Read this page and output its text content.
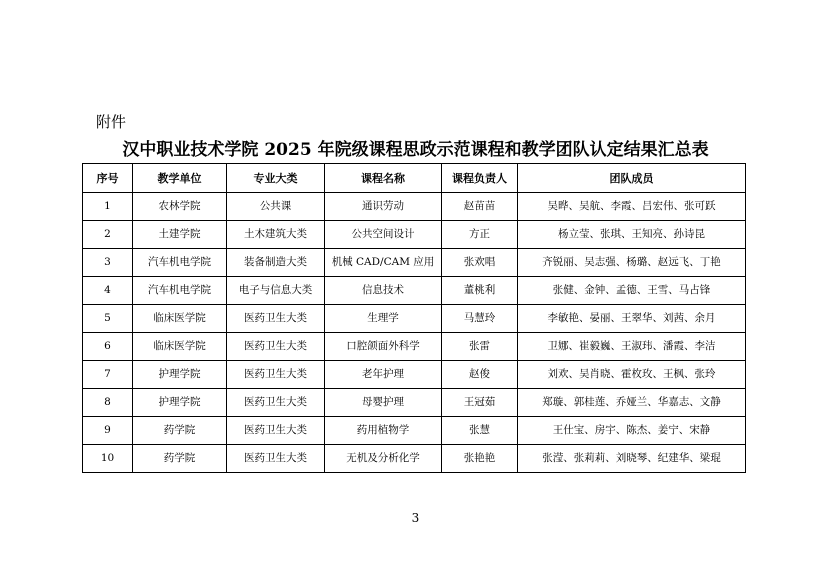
附件
汉中职业技术学院 2025 年院级课程思政示范课程和教学团队认定结果汇总表
序号	教学单位	专业大类	课程名称	课程负责人	团队成员
1	农林学院	公共课	通识劳动	赵苗苗	吴晔、吴航、李霞、吕宏伟、张可跃
2	土建学院	土木建筑大类	公共空间设计	方正	杨立莹、张琪、王知亮、孙诗昆
3	汽车机电学院	装备制造大类	机械 CAD/CAM 应用	张欢唱	齐锐丽、吴志强、杨璐、赵远飞、丁艳
4	汽车机电学院	电子与信息大类	信息技术	董桃利	张健、金钟、孟德、王雪、马占锋
5	临床医学院	医药卫生大类	生理学	马慧玲	李敏艳、晏丽、王翠华、刘茜、余月
6	临床医学院	医药卫生大类	口腔颌面外科学	张雷	卫娜、崔毅巍、王淑玮、潘霞、李洁
7	护理学院	医药卫生大类	老年护理	赵俊	刘欢、吴肖晓、霍枚玫、王枫、张玲
8	护理学院	医药卫生大类	母婴护理	王冠茹	郑璇、郭桂莲、乔娅兰、华嘉志、文静
9	药学院	医药卫生大类	药用植物学	张慧	王仕宝、房宇、陈杰、姜宁、宋静
10	药学院	医药卫生大类	无机及分析化学	张艳艳	张滢、张莉莉、刘晓琴、纪建华、梁琨
3
